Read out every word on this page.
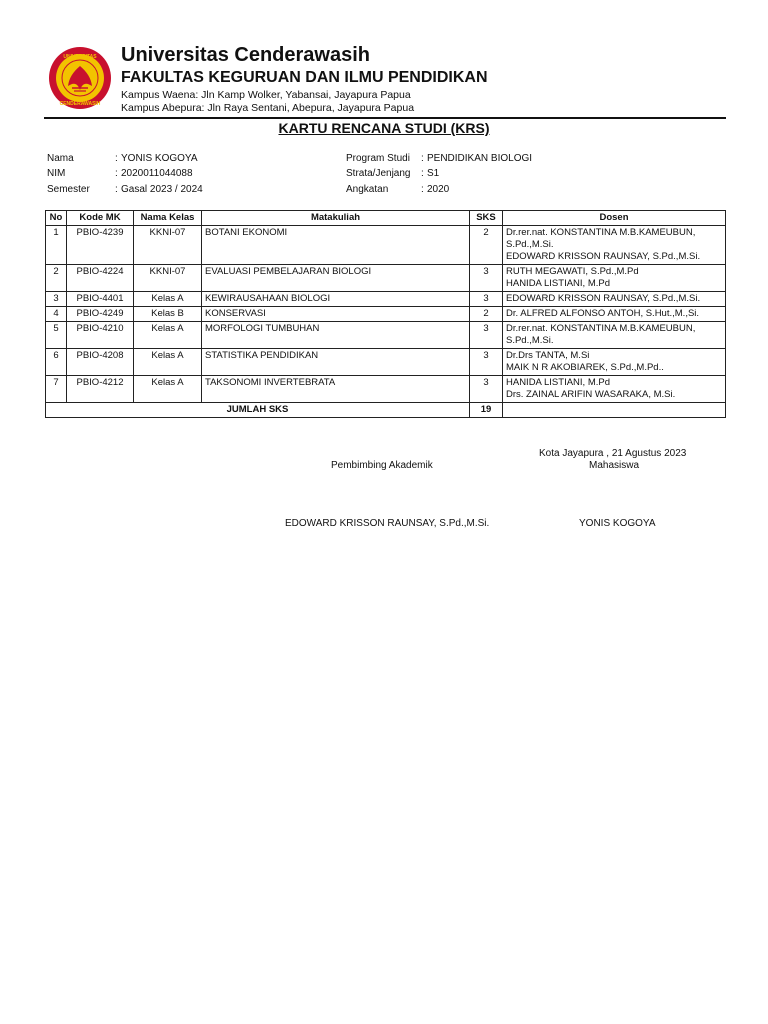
UNIVERSITAS
CENDERAWASIH
Universitas Cenderawasih
FAKULTAS KEGURUAN DAN ILMU PENDIDIKAN
Kampus Waena: Jln Kamp Wolker, Yabansai, Jayapura Papua
Kampus Abepura: Jln Raya Sentani, Abepura, Jayapura Papua
KARTU RENCANA STUDI (KRS)
Nama	: YONIS KOGOYA
NIM	: 2020011044088
Semester	: Gasal 2023 / 2024
Program Studi : PENDIDIKAN BIOLOGI
Strata/Jenjang : S1
Angkatan	: 2020
No	Kode MK	Nama Kelas	Matakuliah	SKS	Dosen
1	PBIO-4239	KKNI-07	BOTANI EKONOMI	2	Dr.rer.nat. KONSTANTINA M.B.KAMEUBUN, S.Pd.,M.Si.
EDOWARD KRISSON RAUNSAY, S.Pd.,M.Si.

2	PBIO-4224	KKNI-07	EVALUASI PEMBELAJARAN BIOLOGI	3	RUTH MEGAWATI, S.Pd.,M.Pd
HANIDA LISTIANI, M.Pd

3	PBIO-4401	Kelas A	KEWIRAUSAHAAN BIOLOGI	3	EDOWARD KRISSON RAUNSAY, S.Pd.,M.Si.

4	PBIO-4249	Kelas B	KONSERVASI	2	Dr. ALFRED ALFONSO ANTOH, S.Hut.,M.,Si.

5	PBIO-4210	Kelas A	MORFOLOGI TUMBUHAN	3	Dr.rer.nat. KONSTANTINA M.B.KAMEUBUN, S.Pd.,M.Si.

6	PBIO-4208	Kelas A	STATISTIKA PENDIDIKAN	3	Dr.Drs TANTA, M.Si
MAIK N R AKOBIAREK, S.Pd.,M.Pd..

7	PBIO-4212	Kelas A	TAKSONOMI INVERTEBRATA	3	HANIDA LISTIANI, M.Pd
Drs. ZAINAL ARIFIN WASARAKA, M.Si.

JUMLAH SKS				19	
Kota Jayapura , 21 Agustus 2023
Pembimbing Akademik	Mahasiswa
EDOWARD KRISSON RAUNSAY, S.Pd.,M.Si.	YONIS KOGOYA
